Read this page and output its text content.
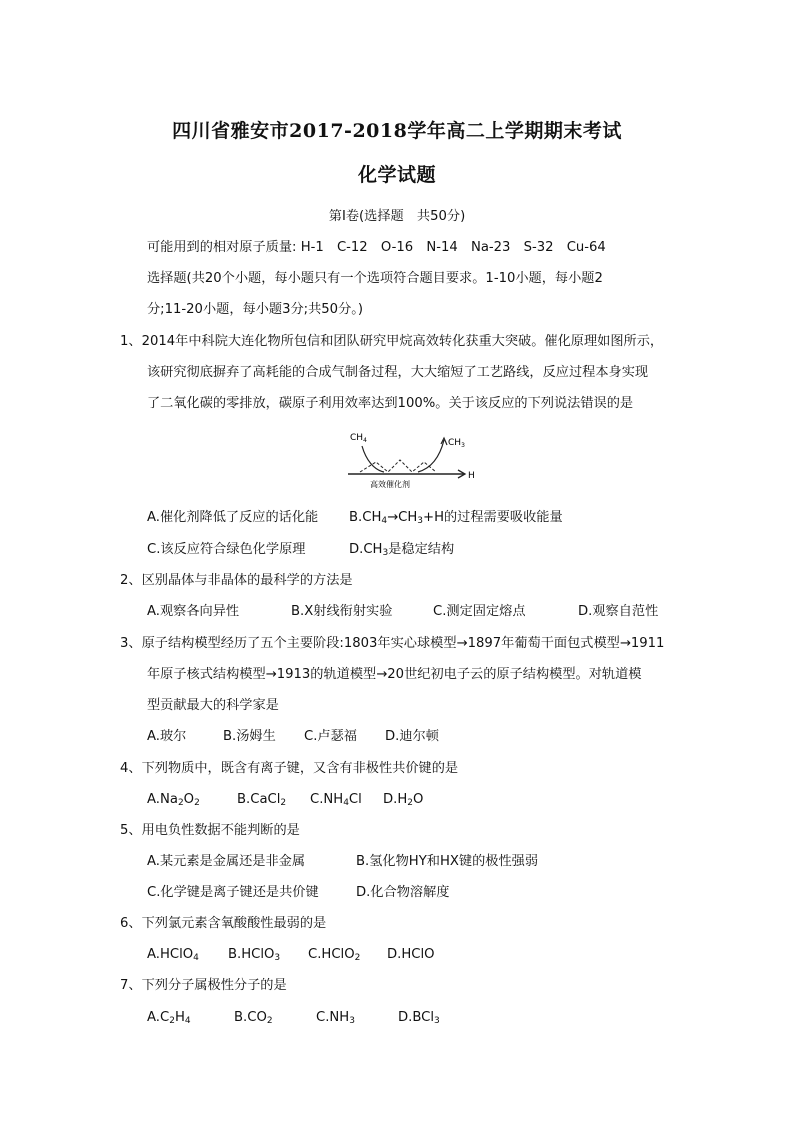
四川省雅安市2017-2018学年高二上学期期末考试
化学试题
第I卷(选择题　共50分)
可能用到的相对原子质量: H-1　C-12　O-16　N-14　Na-23　S-32　Cu-64
选择题(共20个小题，每小题只有一个选项符合题目要求。1-10小题，每小题2
分;11-20小题，每小题3分;共50分。)
1、2014年中科院大连化物所包信和团队研究甲烷高效转化获重大突破。催化原理如图所示，
该研究彻底摒弃了高耗能的合成气制备过程，大大缩短了工艺路线，反应过程本身实现
了二氧化碳的零排放，碳原子利用效率达到100%。关于该反应的下列说法错误的是
$CH_4$	$CH_3$
H
高效催化剂
A.催化剂降低了反应的话化能 $B.CH_4\to CH_3+H$的过程需要吸收能量
C.该反应符合绿色化学原理	$D.CH_3$是稳定结构
2、区别晶体与非晶体的最科学的方法是
A.观察各向异性	B.X射线衔射实验	C.测定固定熔点	D.观察自范性
3、原子结构模型经历了五个主要阶段:1803年实心球模型→1897年葡萄干面包式模型→1911
年原子核式结构模型→1913的轨道模型→20世纪初电子云的原子结构模型。对轨道模
型贡献最大的科学家是
A.玻尔	B.汤姆生 C.卢瑟福 D.迪尔顿
4、下列物质中，既含有离子键，又含有非极性共价键的是
$A.Na_2O_2$	B.CaCl$_2$ $C.NH_4Cl$ $D.H_2O$
5、用电负性数据不能判断的是
A.某元素是金属还是非金属	B.氢化物HY和HX键的极性强弱
C.化学键是离子键还是共价键	D.化合物溶解度
6、下列氯元素含氧酸酸性最弱的是
A.HClO$_4$ B.HClO$_3$ C.HClO$_2$ D.HClO
7、下列分子属极性分子的是
$A.C_2H_4$	$B.CO_2$	$C.NH_3$	D.BCl$_3$
